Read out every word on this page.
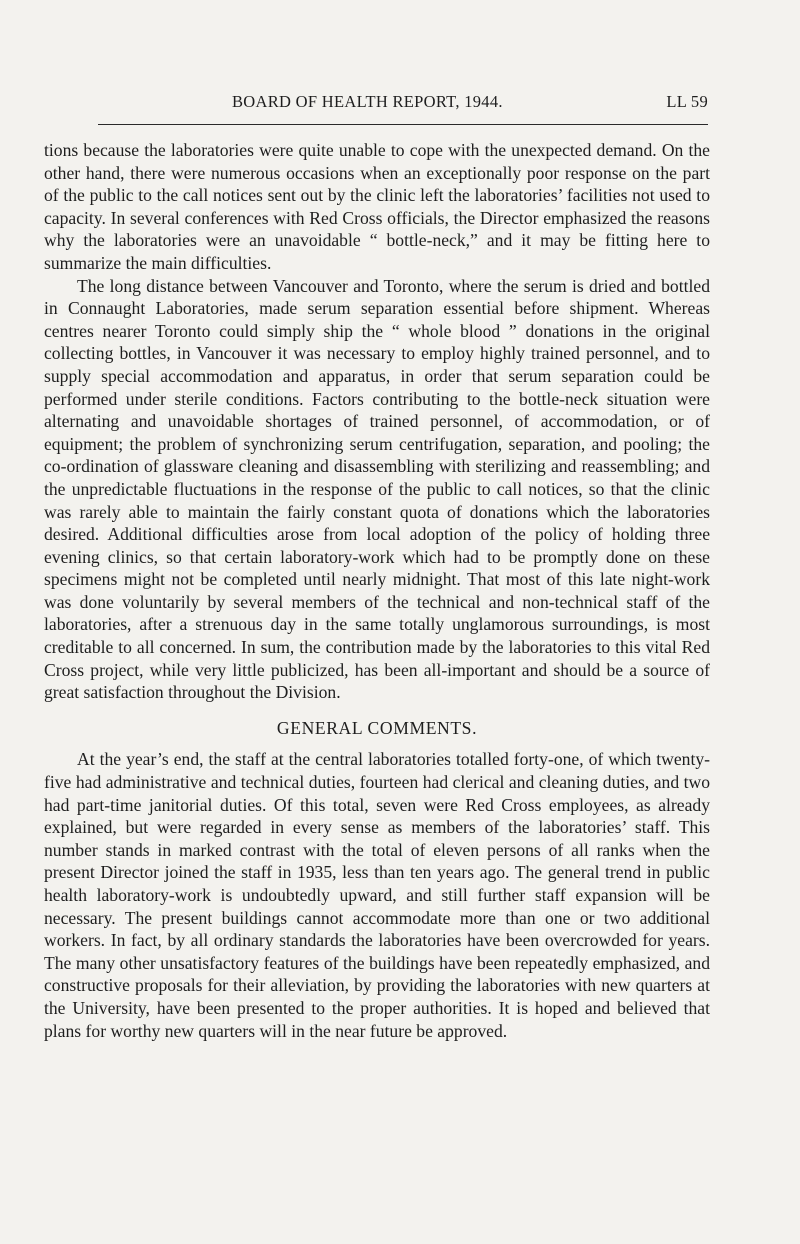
BOARD OF HEALTH REPORT, 1944.	LL 59

tions because the laboratories were quite unable to cope with the unexpected demand. On the other hand, there were numerous occasions when an exceptionally poor response on the part of the public to the call notices sent out by the clinic left the laboratories’ facilities not used to capacity. In several conferences with Red Cross officials, the Director emphasized the reasons why the laboratories were an unavoidable “ bottle-neck,” and it may be fitting here to summarize the main difficulties.

The long distance between Vancouver and Toronto, where the serum is dried and bottled in Connaught Laboratories, made serum separation essential before shipment. Whereas centres nearer Toronto could simply ship the “ whole blood ” donations in the original collecting bottles, in Vancouver it was necessary to employ highly trained personnel, and to supply special accommodation and apparatus, in order that serum separation could be performed under sterile conditions. Factors contributing to the bottle-neck situation were alternating and unavoidable shortages of trained personnel, of accommodation, or of equipment; the problem of synchronizing serum centrifugation, separation, and pooling; the co-ordination of glassware cleaning and disassembling with sterilizing and reassembling; and the unpredictable fluctuations in the response of the public to call notices, so that the clinic was rarely able to maintain the fairly constant quota of donations which the laboratories desired. Additional difficulties arose from local adoption of the policy of holding three evening clinics, so that certain laboratory-work which had to be promptly done on these specimens might not be completed until nearly midnight. That most of this late night-work was done voluntarily by several members of the technical and non-technical staff of the laboratories, after a strenuous day in the same totally unglamorous surroundings, is most creditable to all concerned. In sum, the contribution made by the laboratories to this vital Red Cross project, while very little publicized, has been all-important and should be a source of great satisfaction throughout the Division.

GENERAL COMMENTS.

At the year’s end, the staff at the central laboratories totalled forty-one, of which twenty-five had administrative and technical duties, fourteen had clerical and cleaning duties, and two had part-time janitorial duties. Of this total, seven were Red Cross employees, as already explained, but were regarded in every sense as members of the laboratories’ staff. This number stands in marked contrast with the total of eleven persons of all ranks when the present Director joined the staff in 1935, less than ten years ago. The general trend in public health laboratory-work is undoubtedly upward, and still further staff expansion will be necessary. The present buildings cannot accommodate more than one or two additional workers. In fact, by all ordinary standards the laboratories have been overcrowded for years. The many other unsatisfactory features of the buildings have been repeatedly emphasized, and constructive proposals for their alleviation, by providing the laboratories with new quarters at the University, have been presented to the proper authorities. It is hoped and believed that plans for worthy new quarters will in the near future be approved.
